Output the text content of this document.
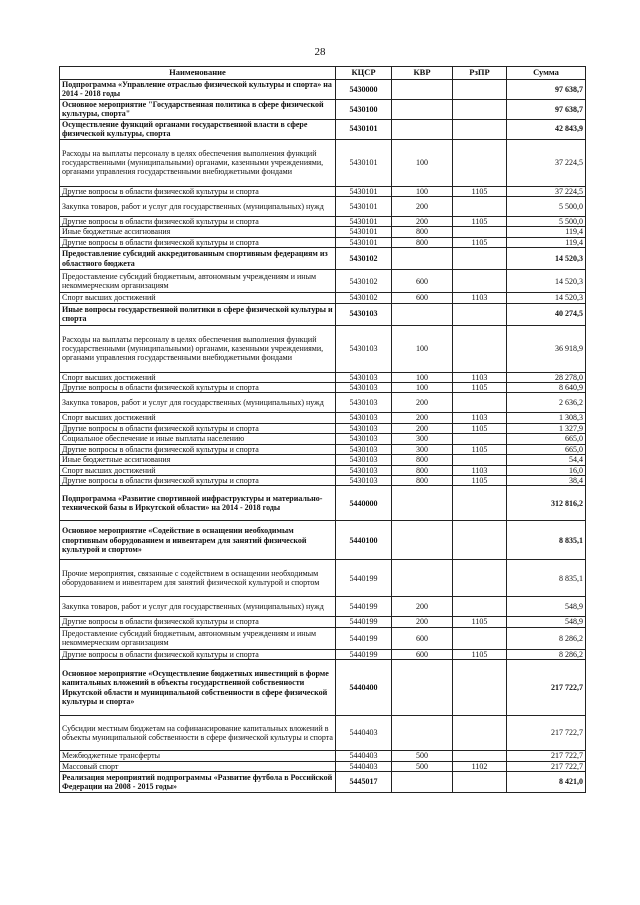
28
Наименование	КЦСР	КВР	РзПР	Сумма
Подпрограмма «Управление отраслью физической культуры и спорта» на 2014 - 2018 годы	5430000			97 638,7
Основное мероприятие "Государственная политика в сфере физической культуры, спорта"	5430100			97 638,7
Осуществление функций органами государственной власти в сфере физической культуры, спорта	5430101			42 843,9
Расходы на выплаты персоналу в целях обеспечения выполнения функций государственными (муниципальными) органами, казенными учреждениями, органами управления государственными внебюджетными фондами	5430101	100		37 224,5
Другие вопросы в области физической культуры и спорта	5430101	100	1105	37 224,5
Закупка товаров, работ и услуг для государственных (муниципальных) нужд	5430101	200		5 500,0
Другие вопросы в области физической культуры и спорта	5430101	200	1105	5 500,0
Иные бюджетные ассигнования	5430101	800		119,4
Другие вопросы в области физической культуры и спорта	5430101	800	1105	119,4
Предоставление субсидий аккредитованным спортивным федерациям из областного бюджета	5430102			14 520,3
Предоставление субсидий бюджетным, автономным учреждениям и иным некоммерческим организациям	5430102	600		14 520,3
Спорт высших достижений	5430102	600	1103	14 520,3
Иные вопросы государственной политики в сфере физической культуры и спорта	5430103			40 274,5
Расходы на выплаты персоналу в целях обеспечения выполнения функций государственными (муниципальными) органами, казенными учреждениями, органами управления государственными внебюджетными фондами	5430103	100		36 918,9
Спорт высших достижений	5430103	100	1103	28 278,0
Другие вопросы в области физической культуры и спорта	5430103	100	1105	8 640,9
Закупка товаров, работ и услуг для государственных (муниципальных) нужд	5430103	200		2 636,2
Спорт высших достижений	5430103	200	1103	1 308,3
Другие вопросы в области физической культуры и спорта	5430103	200	1105	1 327,9
Социальное обеспечение и иные выплаты населению	5430103	300		665,0
Другие вопросы в области физической культуры и спорта	5430103	300	1105	665,0
Иные бюджетные ассигнования	5430103	800		54,4
Спорт высших достижений	5430103	800	1103	16,0
Другие вопросы в области физической культуры и спорта	5430103	800	1105	38,4
Подпрограмма «Развитие спортивной инфраструктуры и материально- технической базы в Иркутской области» на 2014 - 2018 годы	5440000			312 816,2
Основное мероприятие «Содействие в оснащении необходимым спортивным оборудованием и инвентарем для занятий физической культурой и спортом»	5440100			8 835,1
Прочие мероприятия, связанные с содействием в оснащении необходимым оборудованием и инвентарем для занятий физической культурой и спортом	5440199			8 835,1
Закупка товаров, работ и услуг для государственных (муниципальных) нужд	5440199	200		548,9
Другие вопросы в области физической культуры и спорта	5440199	200	1105	548,9
Предоставление субсидий бюджетным, автономным учреждениям и иным некоммерческим организациям	5440199	600		8 286,2
Другие вопросы в области физической культуры и спорта	5440199	600	1105	8 286,2
Основное мероприятие «Осуществление бюджетных инвестиций в форме капитальных вложений в объекты государственной собственности Иркутской области и муниципальной собственности в сфере физической культуры и спорта»	5440400			217 722,7
Субсидии местным бюджетам на софинансирование капитальных вложений в объекты муниципальной собственности в сфере физической культуры и спорта	5440403			217 722,7
Межбюджетные трансферты	5440403	500		217 722,7
Массовый спорт	5440403	500	1102	217 722,7
Реализация мероприятий подпрограммы «Развитие футбола в Российской Федерации на 2008 - 2015 годы»	5445017			8 421,0
